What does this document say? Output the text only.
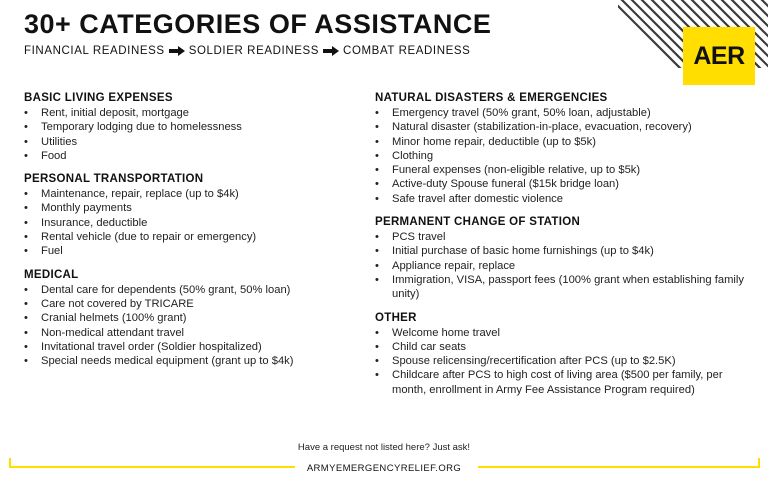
30+ CATEGORIES OF ASSISTANCE
FINANCIAL READINESS SOLDIER READINESS COMBAT READINESS	AER
BASIC LIVING EXPENSES
• Rent, initial deposit, mortgage
• Temporary lodging due to homelessness
• Utilities
• Food
PERSONAL TRANSPORTATION
• Maintenance, repair, replace (up to $4k)
• Monthly payments
• Insurance, deductible
• Rental vehicle (due to repair or emergency)
• Fuel
MEDICAL
• Dental care for dependents (50% grant, 50% loan)
• Care not covered by TRICARE
• Cranial helmets (100% grant)
• Non-medical attendant travel
• Invitational travel order (Soldier hospitalized)
• Special needs medical equipment (grant up to $4k)
NATURAL DISASTERS & EMERGENCIES
• Emergency travel (50% grant, 50% loan, adjustable)
• Natural disaster (stabilization-in-place, evacuation, recovery)
• Minor home repair, deductible (up to $5k)
• Clothing
• Funeral expenses (non-eligible relative, up to $5k)
• Active-duty Spouse funeral ($15k bridge loan)
• Safe travel after domestic violence
PERMANENT CHANGE OF STATION
• PCS travel
• Initial purchase of basic home furnishings (up to $4k)
• Appliance repair, replace
• Immigration, VISA, passport fees (100% grant when establishing family unity)
OTHER
• Welcome home travel
• Child car seats
• Spouse relicensing/recertification after PCS (up to $2.5K)
• Childcare after PCS to high cost of living area ($500 per family, per month, enrollment in Army Fee Assistance Program required)
Have a request not listed here? Just ask!
ARMYEMERGENCYRELIEF.ORG
